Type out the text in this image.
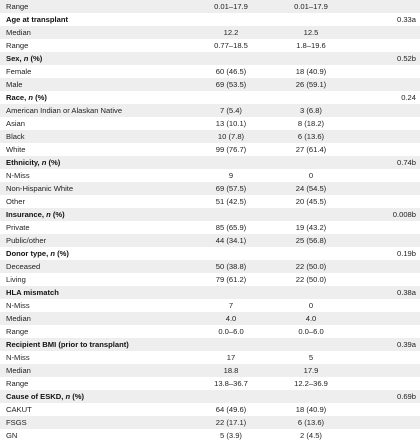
Range	0.01–17.9	0.01–17.9	
Age at transplant			0.33a
Median	12.2	12.5	
Range	0.77–18.5	1.8–19.6	
Sex, n (%)			0.52b
Female	60 (46.5)	18 (40.9)	
Male	69 (53.5)	26 (59.1)	
Race, n (%)			0.24
American Indian or Alaskan Native	7 (5.4)	3 (6.8)	
Asian	13 (10.1)	8 (18.2)	
Black	10 (7.8)	6 (13.6)	
White	99 (76.7)	27 (61.4)	
Ethnicity, n (%)			0.74b
N-Miss	9	0	
Non-Hispanic White	69 (57.5)	24 (54.5)	
Other	51 (42.5)	20 (45.5)	
Insurance, n (%)			0.008b
Private	85 (65.9)	19 (43.2)	
Public/other	44 (34.1)	25 (56.8)	
Donor type, n (%)			0.19b
Deceased	50 (38.8)	22 (50.0)	
Living	79 (61.2)	22 (50.0)	
HLA mismatch			0.38a
N-Miss	7	0	
Median	4.0	4.0	
Range	0.0–6.0	0.0–6.0	
Recipient BMI (prior to transplant)			0.39a
N-Miss	17	5	
Median	18.8	17.9	
Range	13.8–36.7	12.2–36.9	
Cause of ESKD, n (%)			0.69b
CAKUT	64 (49.6)	18 (40.9)	
FSGS	22 (17.1)	6 (13.6)	
GN	5 (3.9)	2 (4.5)	
